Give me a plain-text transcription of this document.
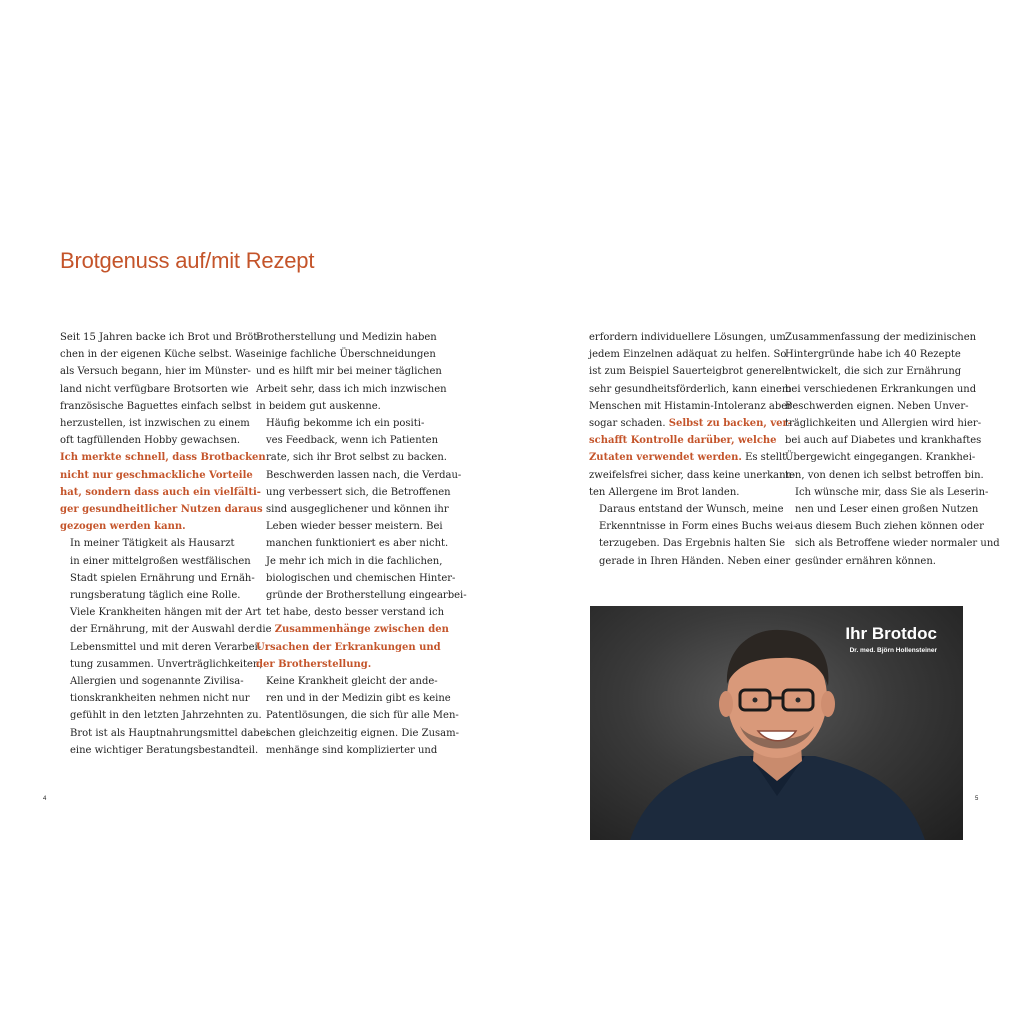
Brotgenuss auf/mit Rezept

Seit 15 Jahren backe ich Brot und Bröt-
chen in der eigenen Küche selbst. Was
als Versuch begann, hier im Münster-
land nicht verfügbare Brotsorten wie
französische Baguettes einfach selbst
herzustellen, ist inzwischen zu einem
oft tagfüllenden Hobby gewachsen.
Ich merkte schnell, dass Brotbacken
nicht nur geschmackliche Vorteile
hat, sondern dass auch ein vielfälti-
ger gesundheitlicher Nutzen daraus
gezogen werden kann.

In meiner Tätigkeit als Hausarzt
in einer mittelgroßen westfälischen
Stadt spielen Ernährung und Ernäh-
rungsberatung täglich eine Rolle.
Viele Krankheiten hängen mit der Art
der Ernährung, mit der Auswahl der
Lebensmittel und mit deren Verarbei-
tung zusammen. Unverträglichkeiten,
Allergien und sogenannte Zivilisa-
tionskrankheiten nehmen nicht nur
gefühlt in den letzten Jahrzehnten zu.
Brot ist als Hauptnahrungsmittel dabei
eine wichtiger Beratungsbestandteil.

Brotherstellung und Medizin haben
einige fachliche Überschneidungen
und es hilft mir bei meiner täglichen
Arbeit sehr, dass ich mich inzwischen
in beidem gut auskenne.

Häufig bekomme ich ein positi-
ves Feedback, wenn ich Patienten
rate, sich ihr Brot selbst zu backen.
Beschwerden lassen nach, die Verdau-
ung verbessert sich, die Betroffenen
sind ausgeglichener und können ihr
Leben wieder besser meistern. Bei
manchen funktioniert es aber nicht.
Je mehr ich mich in die fachlichen,
biologischen und chemischen Hinter-
gründe der Brotherstellung eingearbei-
tet habe, desto besser verstand ich
die Zusammenhänge zwischen den
Ursachen der Erkrankungen und
der Brotherstellung.

Keine Krankheit gleicht der ande-
ren und in der Medizin gibt es keine
Patentlösungen, die sich für alle Men-
schen gleichzeitig eignen. Die Zusam-
menhänge sind komplizierter und

erfordern individuellere Lösungen, um
jedem Einzelnen adäquat zu helfen. So
ist zum Beispiel Sauerteigbrot generell
sehr gesundheitsförderlich, kann einem
Menschen mit Histamin-Intoleranz aber
sogar schaden. Selbst zu backen, ver-
schafft Kontrolle darüber, welche
Zutaten verwendet werden. Es stellt
zweifelsfrei sicher, dass keine unerkann-
ten Allergene im Brot landen.

Daraus entstand der Wunsch, meine
Erkenntnisse in Form eines Buchs wei-
terzugeben. Das Ergebnis halten Sie
gerade in Ihren Händen. Neben einer

Zusammenfassung der medizinischen
Hintergründe habe ich 40 Rezepte
entwickelt, die sich zur Ernährung
bei verschiedenen Erkrankungen und
Beschwerden eignen. Neben Unver-
träglichkeiten und Allergien wird hier-
bei auch auf Diabetes und krankhaftes
Übergewicht eingegangen. Krankhei-
ten, von denen ich selbst betroffen bin.

Ich wünsche mir, dass Sie als Leserin-
nen und Leser einen großen Nutzen
aus diesem Buch ziehen können oder
sich als Betroffene wieder normaler und
gesünder ernähren können.

Ihr Brotdoc
Dr. med. Björn Hollensteiner
4	5
